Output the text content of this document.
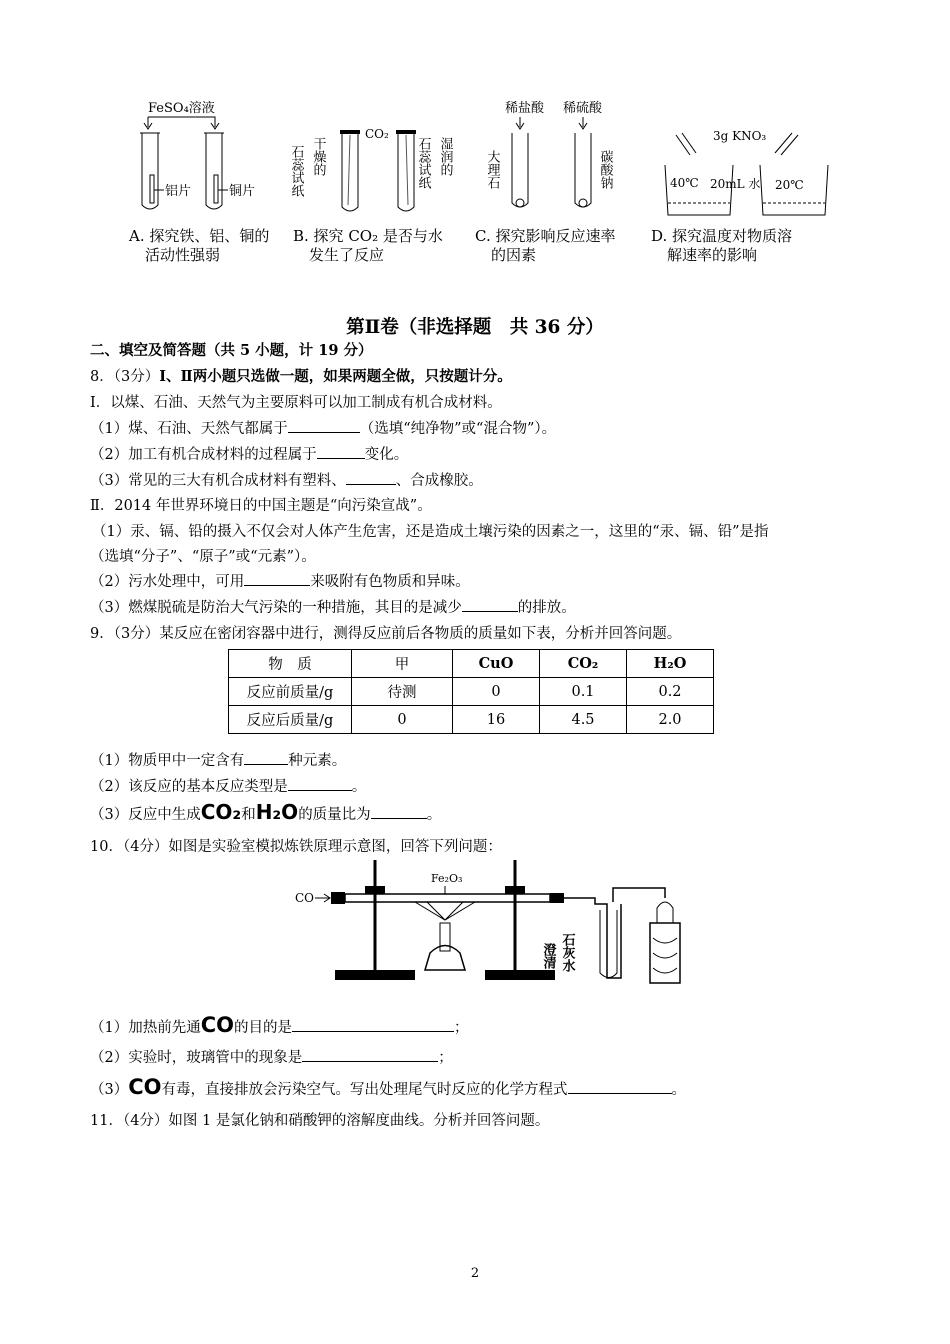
FeSO₄溶液
铝片	铜片
CO₂
石蕊试纸 干燥的	石蕊试纸 湿润的
稀盐酸 稀硫酸
大理石	碳酸钠
3g KNO₃
40℃ 20mL 水 20℃
A. 探究铁、铝、铜的
活动性强弱
B. 探究 CO₂ 是否与水
发生了反应
C. 探究影响反应速率
的因素
D. 探究温度对物质溶
解速率的影响
第Ⅱ卷（非选择题　共 36 分）
二、填空及简答题（共 5 小题，计 19 分）
8．（3分）Ⅰ、Ⅱ两小题只选做一题，如果两题全做，只按题计分。
I．以煤、石油、天然气为主要原料可以加工制成有机合成材料。
（1）煤、石油、天然气都属于	（选填“纯净物”或“混合物”）。
（2）加工有机合成材料的过程属于	变化。
（3）常见的三大有机合成材料有塑料、	、合成橡胶。
Ⅱ．2014 年世界环境日的中国主题是“向污染宣战”。
（1）汞、镉、铅的摄入不仅会对人体产生危害，还是造成土壤污染的因素之一，这里的“汞、镉、铅”是指
（选填“分子”、“原子”或“元素”）。
（2）污水处理中，可用	来吸附有色物质和异味。
（3）燃煤脱硫是防治大气污染的一种措施，其目的是减少	的排放。
9．（3分）某反应在密闭容器中进行，测得反应前后各物质的质量如下表，分析并回答问题。
物　质	甲	CuO	CO₂	H₂O
反应前质量/g	待测	0	0.1	0.2
反应后质量/g	0	16	4.5	2.0
（1）物质甲中一定含有	种元素。
（2）该反应的基本反应类型是	。
（3）反应中生成CO₂和H₂O的质量比为	。
10．（4分）如图是实验室模拟炼铁原理示意图，回答下列问题：
CO
Fe₂O₃
澄清 石灰水
（1）加热前先通CO的目的是	；
（2）实验时，玻璃管中的现象是	；
（3）CO有毒，直接排放会污染空气。写出处理尾气时反应的化学方程式	。
11．（4分）如图 1 是氯化钠和硝酸钾的溶解度曲线。分析并回答问题。
2
